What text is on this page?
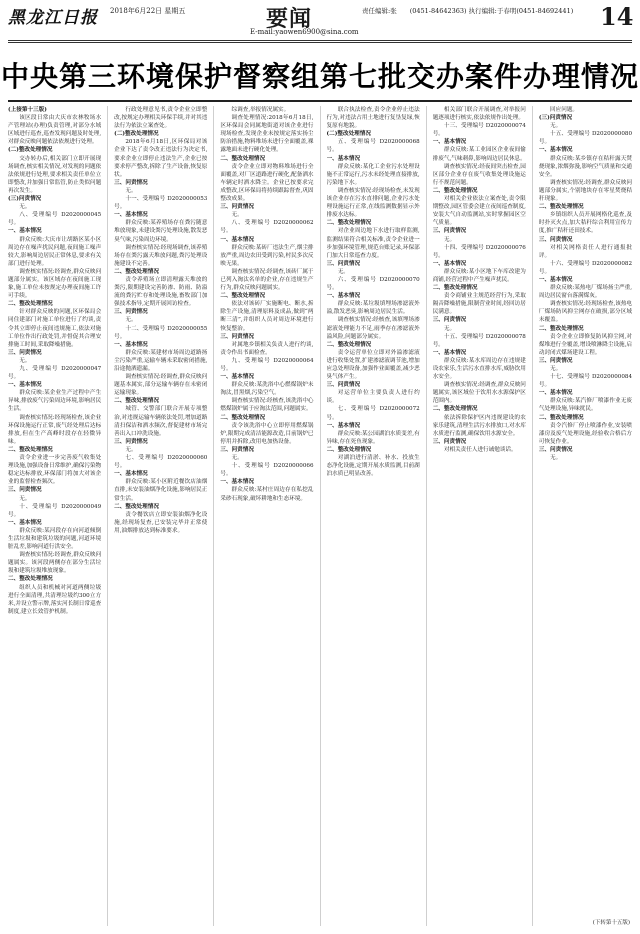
黑龙江日报 2018年6月22日 星期五	要闻
E-mail:yaowen6900@sina.com
责任编辑:张　　(0451-84642363) 执行编辑:于春明(0451-84692441) 14
中央第三环境保护督察组第七批交办案件办理情况

(上接第十三版)

该区段日常由大庆市农林牧场水产管理站(办理)负责管理,对部分水域区域进行巡查,巡查发现问题及时处理,对群众反映问题依法依规进行处理。

(二)整改处理情况

交办转办后,相关部门立即开展现场调查,核实相关情况,对发现的问题依法依规进行处理,要求相关责任单位立即整改,并加强日常监管,防止类似问题再次发生。

(三)问责情况

无。

八、受理编号 D2020000045 号。

一、基本情况

群众反映:大庆市让胡路区某小区周边存在噪声扰民问题,夜间施工噪声较大,影响周边居民正常休息,要求有关部门进行处理。

调查核实情况:经调查,群众反映问题部分属实。该区域存在夜间施工现象,施工单位未按规定办理夜间施工许可手续。

二、整改处理情况

针对群众反映的问题,区环保局会同住建部门对施工单位进行了约谈,责令其立即停止夜间违规施工,依法对施工单位作出行政处罚,并督促其合理安排施工时间,采取降噪措施。

三、问责情况

无。

九、受理编号 D2020000047 号。

一、基本情况

群众反映:某企业生产过程中产生异味,排放废气污染周边环境,影响居民生活。

调查核实情况:经现场检查,该企业环保设施运行正常,废气经处理后达标排放,但在生产高峰时段存在轻微异味。

二、整改处理情况

责令企业进一步完善废气收集处理设施,加强设备日常维护,确保污染物稳定达标排放,环保部门将加大对该企业的监督检查频次。

三、问责情况

无。

十、受理编号 D2020000049 号。

一、基本情况

群众反映:某河段存在向河道倾倒生活垃圾和建筑垃圾的问题,河道环境脏乱差,影响河道行洪安全。

调查核实情况:经调查,群众反映问题属实。该河段两侧存在部分生活垃圾和建筑垃圾堆放现象。

二、整改处理情况

组织人员和机械对河道两侧垃圾进行全面清理,共清理垃圾约300立方米,并设立警示牌,落实河长制日常巡查制度,建立长效管护机制。

行政处理意见书,责令企业立即整改,按规定办理相关环保手续,并对其违法行为依法立案查处。

(二)整改处理情况

2018年6月18日,区环保局对该企业下达了责令改正违法行为决定书,要求企业立即停止违法生产,企业已按要求停产整改,拆除了生产设备,恢复原状。

三、问责情况

无。

十一、受理编号 D2020000053 号。

一、基本情况

群众反映:某养殖场存在粪污随意堆放现象,未建设粪污处理设施,散发恶臭气味,污染周边环境。

调查核实情况:经现场调查,该养殖场存在粪污露天堆放问题,粪污处理设施建设不完善。

二、整改处理情况

责令养殖场立即清理露天堆放的粪污,限期建设完善防渗、防雨、防溢流的粪污贮存和处理设施,畜牧部门加强技术指导,定期开展回访检查。

三、问责情况

无。

十二、受理编号 D2020000055 号。

一、基本情况

群众反映:某建材市场周边道路扬尘污染严重,运输车辆未采取密闭措施,沿途抛洒遗漏。

调查核实情况:经调查,群众反映问题基本属实,部分运输车辆存在未密闭运输现象。

二、整改处理情况

城管、交警部门联合开展专项整治,对违规运输车辆依法处罚,增加道路清扫保洁和洒水频次,督促建材市场完善出入口冲洗设施。

三、问责情况

无。

七、受理编号 D2020000060 号。

一、基本情况

群众反映:某小区附近餐饮店油烟直排,未安装油烟净化设施,影响居民正常生活。

二、整改处理情况

责令餐饮店立即安装油烟净化设施,经现场复查,已安装完毕并正常使用,油烟排放达到标准要求。

综调查,举报情况属实。

调查处理情况:2018年6月18日,区环保局会同属地街道对该企业进行现场检查,发现企业未按规定落实扬尘防治措施,物料堆场未进行全面覆盖,裸露地面未进行硬化处理。

二、整改处理情况

责令企业立即对物料堆场进行全面覆盖,对厂区道路进行硬化,配备洒水车辆定时洒水降尘。企业已按要求完成整改,区环保局将持续跟踪督查,巩固整改成果。

三、问责情况

无。

八、受理编号 D2020000062 号。

一、基本情况

群众反映:某砖厂违法生产,烟尘排放严重,周边农田受到污染,村民多次反映无果。

调查核实情况:经调查,该砖厂属于已列入淘汰名单的企业,存在违规生产行为,群众反映问题属实。

二、整改处理情况

依法对该砖厂实施断电、断水,拆除生产设施,清理原料及成品,做到“两断三清”,并组织人员对周边环境进行恢复整治。

三、问责情况

对属地乡镇相关负责人进行约谈,责令作出书面检查。

九、受理编号 D2020000064 号。

一、基本情况

群众反映:某洗浴中心燃煤锅炉未淘汰,冒黑烟,污染空气。

调查核实情况:经核查,该洗浴中心燃煤锅炉属于应淘汰范围,问题属实。

二、整改处理情况

责令该洗浴中心立即停用燃煤锅炉,限期完成清洁能源改造,目前锅炉已停用并拆除,改用电加热设备。

三、问责情况

无。

十、受理编号 D2020000066 号。

一、基本情况

群众反映:某村庄周边存在私挖乱采砂石现象,破坏耕地和生态环境。

联合执法检查,责令企业停止违法行为,对违法占用土地进行复垦复绿,恢复原有地貌。

(二)整改处理情况

五、受理编号 D2020000068 号。

一、基本情况

群众反映:某化工企业污水处理设施不正常运行,污水未经处理直接排放,污染地下水。

调查核实情况:经现场检查,未发现该企业存在污水直排问题,企业污水处理设施运行正常,在线监测数据显示外排废水达标。

二、整改处理情况

对企业周边地下水进行取样监测,监测结果符合相关标准,责令企业进一步加强环境管理,规范台账记录,环保部门加大日常巡查力度。

三、问责情况

无。

六、受理编号 D2020000070 号。

一、基本情况

群众反映:某垃圾填埋场渗滤液外溢,散发恶臭,影响周边居民生活。

调查核实情况:经核查,该填埋场渗滤液处理能力不足,雨季存在渗滤液外溢风险,问题部分属实。

二、整改处理情况

责令运营单位立即对外溢渗滤液进行收集处置,扩建渗滤液调节池,增加应急处理设备,加强作业面覆盖,减少恶臭气体产生。

三、问责情况

对运营单位主要负责人进行约谈。

七、受理编号 D2020000072 号。

一、基本情况

群众反映:某公园湖泊水质变差,有异味,存在死鱼现象。

二、整改处理情况

对湖泊进行清淤、补水、投放生态净化设施,定期开展水质监测,目前湖泊水质已明显改善。

相关部门联合开展调查,对举报问题逐项进行核实,依法依规作出处理。

十三、受理编号 D2020000074 号。

一、基本情况

群众反映:某工业园区企业夜间偷排废气,气味刺鼻,影响周边居民休息。

调查核实情况:经夜间突击检查,园区部分企业存在废气收集处理设施运行不规范问题。

二、整改处理情况

对相关企业依法立案查处,责令限期整改,园区管委会建立夜间巡查制度,安装大气自动监测站,实时掌握园区空气质量。

三、问责情况

无。

十四、受理编号 D2020000076 号。

一、基本情况

群众反映:某小区地下车库改建为商铺,经营过程中产生噪声扰民。

二、整改处理情况

责令商铺业主规范经营行为,采取隔音降噪措施,限制营业时间,经回访居民满意。

三、问责情况

无。

十五、受理编号 D2020000078 号。

一、基本情况

群众反映:某水库周边存在违规建设农家乐,生活污水直排水库,威胁饮用水安全。

调查核实情况:经调查,群众反映问题属实,该区域位于饮用水水源保护区范围内。

二、整改处理情况

依法拆除保护区内违规建设的农家乐建筑,清理生活污水排放口,对水库水质进行监测,确保饮用水源安全。

三、问责情况

对相关责任人进行诫勉谈话。

回应问题。

(三)问责情况

无。

十五、受理编号 D2020000080 号。

一、基本情况

群众反映:某乡镇存在秸秆露天焚烧现象,浓烟弥漫,影响空气质量和交通安全。

调查核实情况:经调查,群众反映问题部分属实,个别地块存在零星焚烧秸秆现象。

二、整改处理情况

乡镇组织人员开展网格化巡查,及时扑灭火点,加大秸秆综合利用宣传力度,推广秸秆还田技术。

三、问责情况

对相关网格责任人进行通报批评。

十六、受理编号 D2020000082 号。

一、基本情况

群众反映:某热电厂煤场扬尘严重,周边居民窗台落满煤灰。

调查核实情况:经现场检查,该热电厂煤场防风抑尘网存在破损,部分区域未覆盖。

二、整改处理情况

责令企业立即修复防风抑尘网,对煤堆进行全覆盖,增设喷淋降尘设施,启动封闭式煤场建设工程。

三、问责情况

无。

十七、受理编号 D2020000084 号。

一、基本情况

群众反映:某汽修厂喷漆作业无废气处理设施,异味扰民。

二、整改处理情况

责令汽修厂停止喷漆作业,安装喷漆房及废气处理设施,经验收合格后方可恢复作业。

三、问责情况

无。

(下转第十五版)
